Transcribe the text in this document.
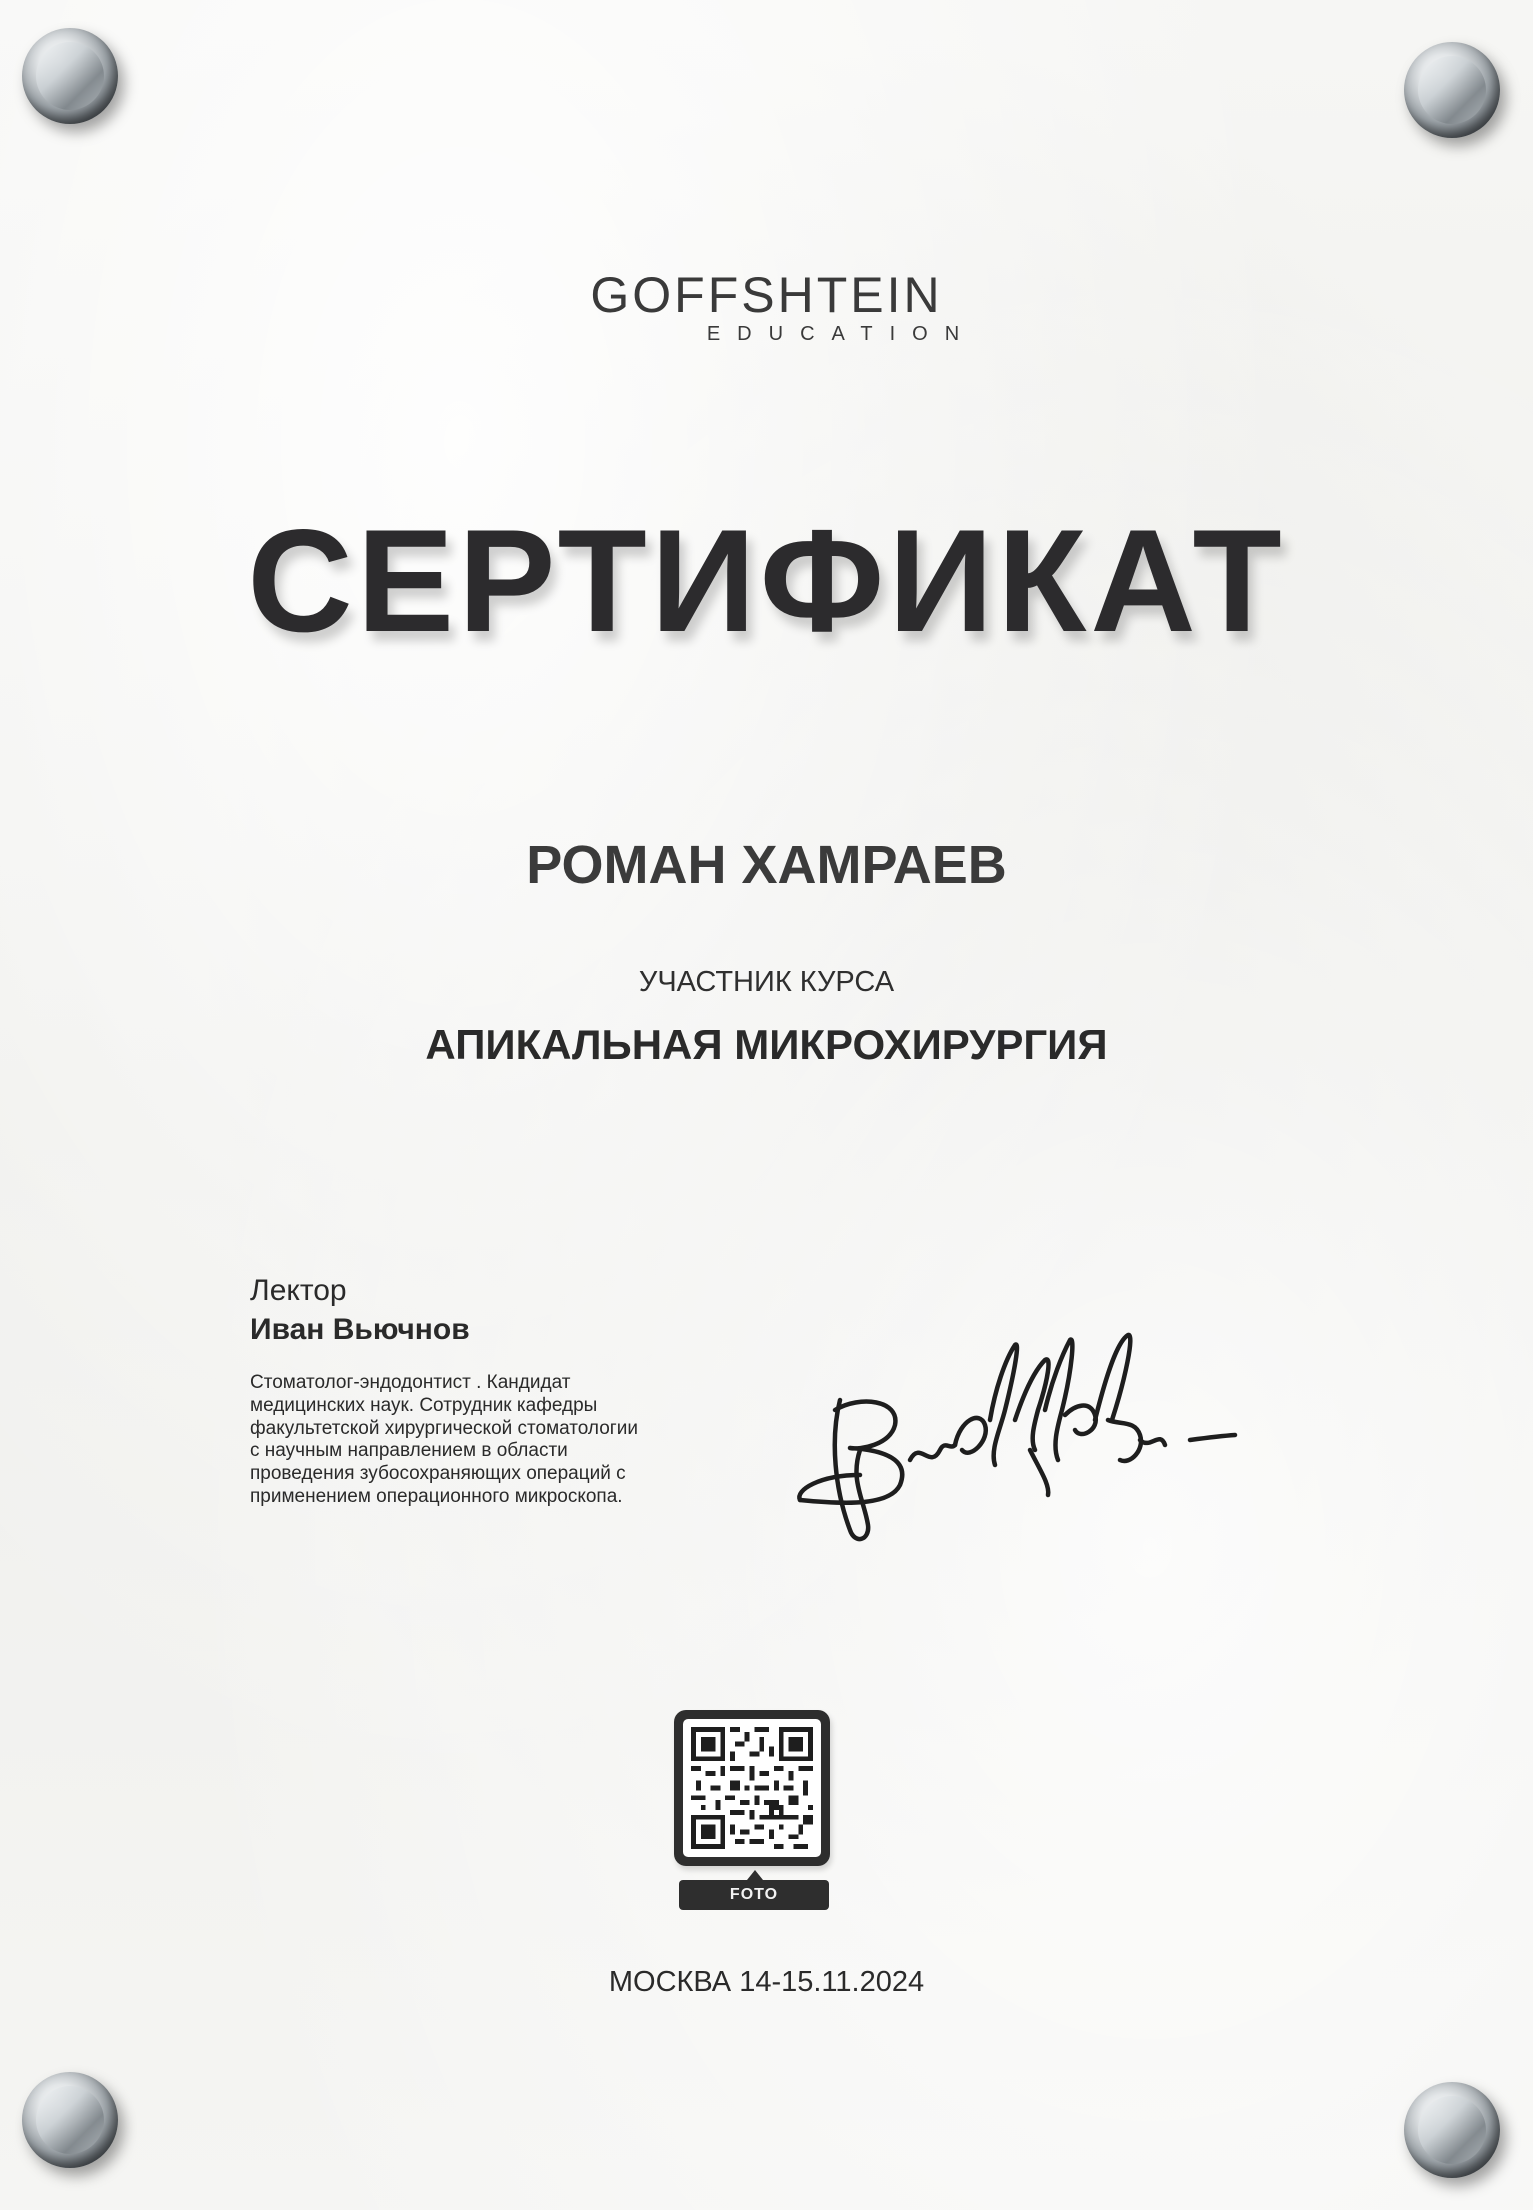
GOFFSHTEIN
EDUCATION
СЕРТИФИКАТ
РОМАН ХАМРАЕВ
УЧАСТНИК КУРСА
АПИКАЛЬНАЯ МИКРОХИРУРГИЯ
Лектор
Иван Вьючнов
Стоматолог-эндодонтист . Кандидат
медицинских наук. Сотрудник кафедры
факультетской хирургической стоматологии
с научным направлением в области
проведения зубосохраняющих операций с
применением операционного микроскопа.
FOTO
МОСКВА 14-15.11.2024
